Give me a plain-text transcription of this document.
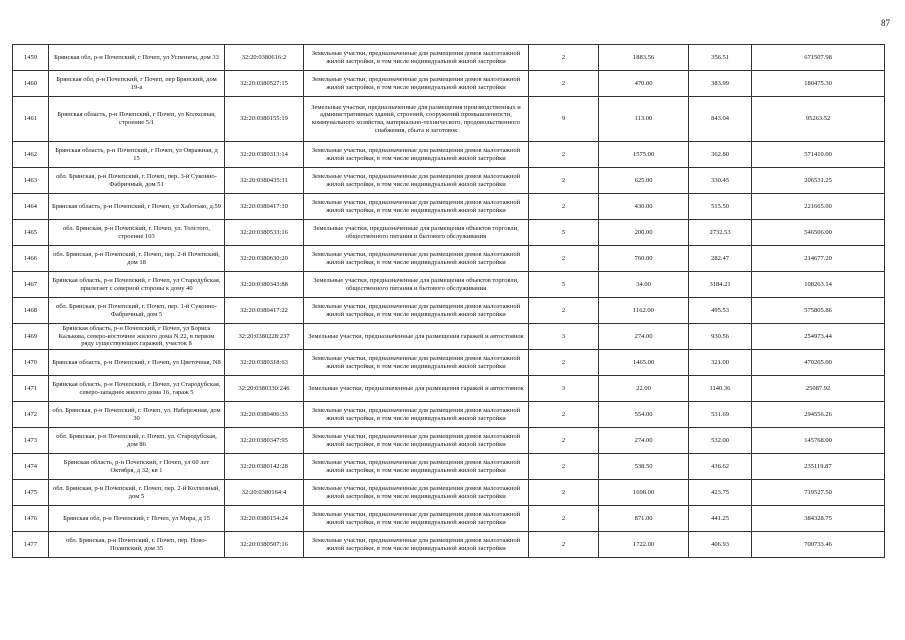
87
1459	Брянская обл, р-н Почепский, г Почеп, ул Успенича, дом 33	32:20:0380616:2	Земельные участки, предназначенные для размещения домов малоэтажной жилой застройки, в том числе индивидуальной жилой застройки	2	1883.56	356.51	671507.98
1460	Брянская обл, р-н Почепский, г Почеп, пер Брянский, дом 19-а	32:20:0380527:15	Земельные участки, предназначенные для размещения домов малоэтажной жилой застройки, в том числе индивидуальной жилой застройки	2	470.00	383.99	180475.30
1461	Брянская область, р-н Почепский, г Почеп, ул Колхозная, строение 5/1	32:20:0380155:19	Земельные участки, предназначенные для размещения производственных и административных зданий, строений, сооружений промышленности, коммунального хозяйства, материально-технического, продовольственного снабжения, сбыта и заготовок	9	113.00	843.04	95263.52
1462	Брянская область, р-н Почепский, г Почеп, ул Овражная, д 15	32:20:0380313:14	Земельные участки, предназначенные для размещения домов малоэтажной жилой застройки, в том числе индивидуальной жилой застройки	2	1575.00	362.80	571410.00
1463	обл. Брянская, р-н Почепский, г. Почеп, пер. 3-й Суконно-Фабричный, дом 51	32:20:0380435:11	Земельные участки, предназначенные для размещения домов малоэтажной жилой застройки, в том числе индивидуальной жилой застройки	2	625.00	330.45	206531.25
1464	Брянская область, р-н Почепский, г Почеп, ул Хаботько, д.59	32:20:0380417:10	Земельные участки, предназначенные для размещения домов малоэтажной жилой застройки, в том числе индивидуальной жилой застройки	2	430.00	515.50	221665.00
1465	обл. Брянская, р-н Почепский, г. Почеп, ул. Толстого, строение 103	32:20:0380533:16	Земельные участки, предназначенные для размещения объектов торговли, общественного питания и бытового обслуживания	5	200.00	2732.53	546506.00
1466	обл. Брянская, р-н Почепский, г. Почеп, пер. 2-й Почепский, дом 18	32:20:0380630:20	Земельные участки, предназначенные для размещения домов малоэтажной жилой застройки, в том числе индивидуальной жилой застройки	2	760.00	282.47	214677.20
1467	Брянская область, р-н Почепский, г Почеп, ул Стародубская, прилегает с северной стороны к дому 40	32:20:0380343:88	Земельные участки, предназначенные для размещения объектов торговли, общественного питания и бытового обслуживания	5	34.00	3184.21	108263.14
1468	обл. Брянская, р-н Почепский, г. Почеп, пер. 1-й Суконно-Фабричный, дом 5	32:20:0380417:22	Земельные участки, предназначенные для размещения домов малоэтажной жилой застройки, в том числе индивидуальной жилой застройки	2	1162.00	495.53	575805.86
1469	Брянская область, р-н Почепский, г Почеп, ул Бориса Калькова, северо-восточнее жилого дома N 22, в первом ряду существующих гаражей, участок 8	32:20:0380228:237	Земельные участки, предназначенные для размещения гаражей и автостоянок	3	274.00	930.56	254973.44
1470	Брянская область, р-н Почепский, г Почеп, ул Цветочная, N8	32:20:0380318:63	Земельные участки, предназначенные для размещения домов малоэтажной жилой застройки, в том числе индивидуальной жилой застройки	2	1465.00	321.00	470265.00
1471	Брянская область, р-н Почепский, г Почеп, ул Стародубская, северо-западнее жилого дома 16, гараж 5	32:20:0380330:246	Земельные участки, предназначенные для размещения гаражей и автостоянок	3	22.00	1140.36	25087.92
1472	обл. Брянская, р-н Почепский, г. Почеп, ул. Набережная, дом 30	32:20:0380406:33	Земельные участки, предназначенные для размещения домов малоэтажной жилой застройки, в том числе индивидуальной жилой застройки	2	554.00	531.69	294556.26
1473	обл. Брянская, р-н Почепский, г. Почеп, ул. Стародубская, дом 86	32:20:0380347:95	Земельные участки, предназначенные для размещения домов малоэтажной жилой застройки, в том числе индивидуальной жилой застройки	2	274.00	532.00	145768.00
1474	Брянская область, р-н Почепский, г Почеп, ул 60 лет Октября, д 32, кв 1	32:20:0380142:28	Земельные участки, предназначенные для размещения домов малоэтажной жилой застройки, в том числе индивидуальной жилой застройки	2	538.50	436.62	235119.87
1475	обл. Брянская, р-н Почепский, г. Почеп, пер. 2-й Колхозный, дом 5	32:20:0380164:4	Земельные участки, предназначенные для размещения домов малоэтажной жилой застройки, в том числе индивидуальной жилой застройки	2	1698.00	423.75	719527.50
1476	Брянская обл, р-н Почепский, г Почеп, ул Мира, д 15	32:20:0380154:24	Земельные участки, предназначенные для размещения домов малоэтажной жилой застройки, в том числе индивидуальной жилой застройки	2	871.00	441.25	384328.75
1477	обл. Брянская, р-н Почепский, г. Почеп, пер. Ново-Полипский, дом 35	32:20:0380507:16	Земельные участки, предназначенные для размещения домов малоэтажной жилой застройки, в том числе индивидуальной жилой застройки	2	1722.00	406.93	700733.46
